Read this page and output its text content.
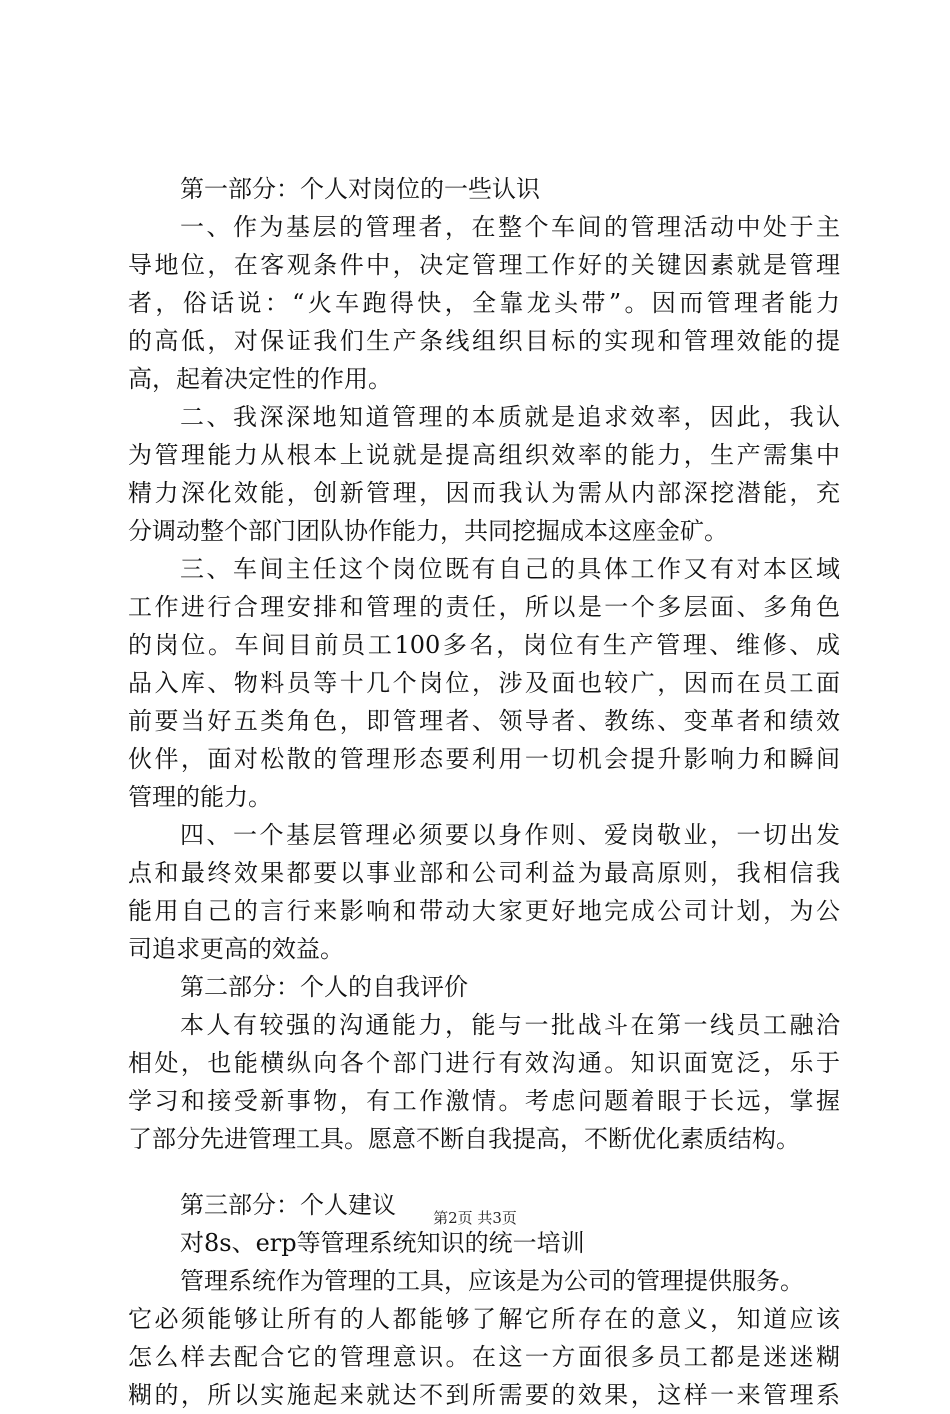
第一部分：个人对岗位的一些认识
一、作为基层的管理者，在整个车间的管理活动中处于主
导地位，在客观条件中，决定管理工作好的关键因素就是管理
者，俗话说：“火车跑得快，全靠龙头带”。因而管理者能力
的高低，对保证我们生产条线组织目标的实现和管理效能的提
高，起着决定性的作用。
二、我深深地知道管理的本质就是追求效率，因此，我认
为管理能力从根本上说就是提高组织效率的能力，生产需集中
精力深化效能，创新管理，因而我认为需从内部深挖潜能，充
分调动整个部门团队协作能力，共同挖掘成本这座金矿。
三、车间主任这个岗位既有自己的具体工作又有对本区域
工作进行合理安排和管理的责任，所以是一个多层面、多角色
的岗位。车间目前员工100多名，岗位有生产管理、维修、成
品入库、物料员等十几个岗位，涉及面也较广，因而在员工面
前要当好五类角色，即管理者、领导者、教练、变革者和绩效
伙伴，面对松散的管理形态要利用一切机会提升影响力和瞬间
管理的能力。
四、一个基层管理必须要以身作则、爱岗敬业，一切出发
点和最终效果都要以事业部和公司利益为最高原则，我相信我
能用自己的言行来影响和带动大家更好地完成公司计划，为公
司追求更高的效益。
第二部分：个人的自我评价
本人有较强的沟通能力，能与一批战斗在第一线员工融洽
相处，也能横纵向各个部门进行有效沟通。知识面宽泛，乐于
学习和接受新事物，有工作激情。考虑问题着眼于长远，掌握
了部分先进管理工具。愿意不断自我提高，不断优化素质结构。
第三部分：个人建议
对8s、erp等管理系统知识的统一培训
管理系统作为管理的工具，应该是为公司的管理提供服务。
它必须能够让所有的人都能够了解它所存在的意义，知道应该
怎么样去配合它的管理意识。在这一方面很多员工都是迷迷糊
糊的，所以实施起来就达不到所需要的效果，这样一来管理系
第2页 共3页
